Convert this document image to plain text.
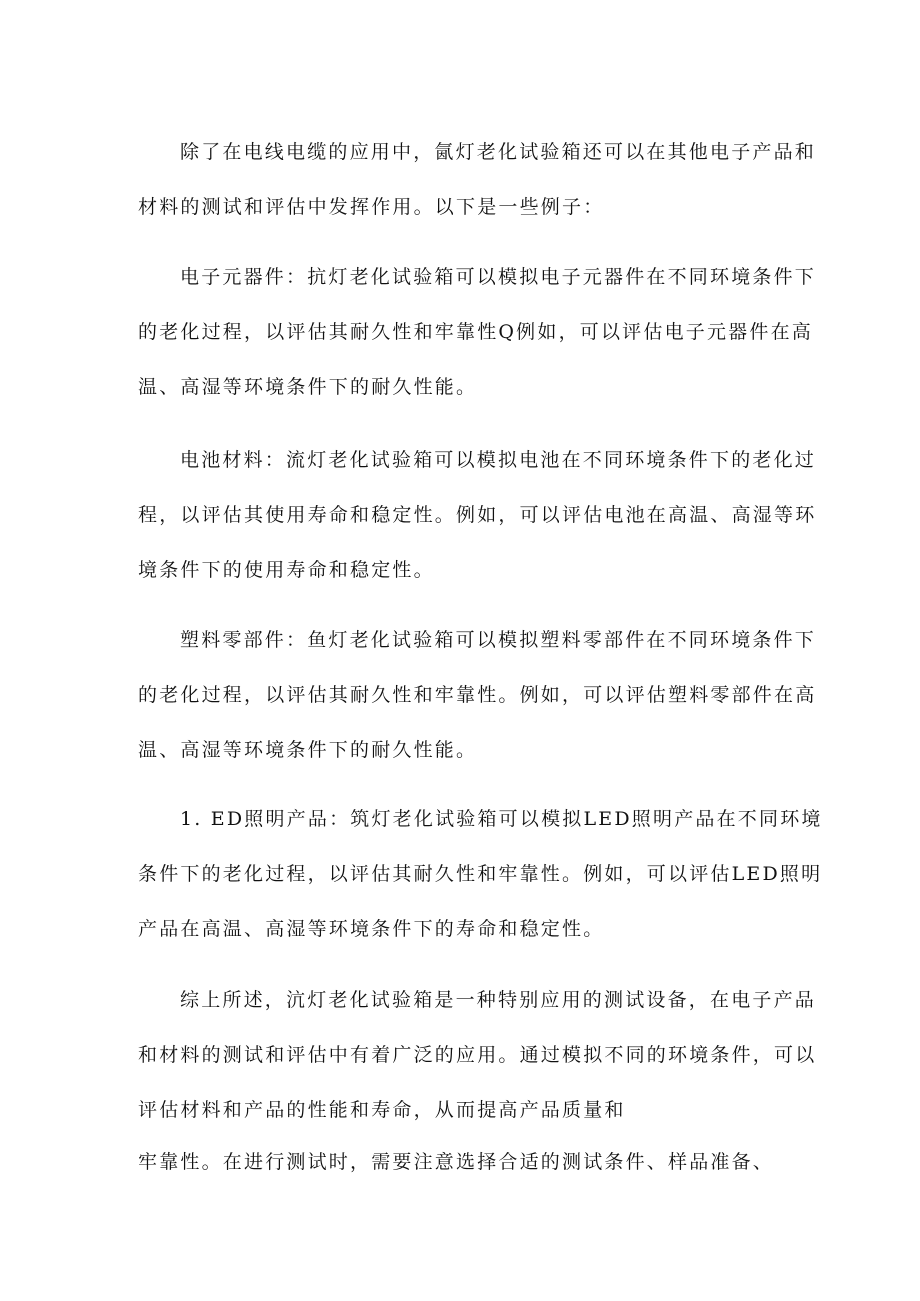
除了在电线电缆的应用中，氤灯老化试验箱还可以在其他电子产品和
材料的测试和评估中发挥作用。以下是一些例子：
电子元器件：抗灯老化试验箱可以模拟电子元器件在不同环境条件下
的老化过程，以评估其耐久性和牢靠性Q例如，可以评估电子元器件在高
温、高湿等环境条件下的耐久性能。
电池材料：流灯老化试验箱可以模拟电池在不同环境条件下的老化过
程，以评估其使用寿命和稳定性。例如，可以评估电池在高温、高湿等环
境条件下的使用寿命和稳定性。
塑料零部件：鱼灯老化试验箱可以模拟塑料零部件在不同环境条件下
的老化过程，以评估其耐久性和牢靠性。例如，可以评估塑料零部件在高
温、高湿等环境条件下的耐久性能。
1. ED照明产品：筑灯老化试验箱可以模拟LED照明产品在不同环境
条件下的老化过程，以评估其耐久性和牢靠性。例如，可以评估LED照明
产品在高温、高湿等环境条件下的寿命和稳定性。
综上所述，沆灯老化试验箱是一种特别应用的测试设备，在电子产品
和材料的测试和评估中有着广泛的应用。通过模拟不同的环境条件，可以
评估材料和产品的性能和寿命，从而提高产品质量和
牢靠性。在进行测试时，需要注意选择合适的测试条件、样品准备、
